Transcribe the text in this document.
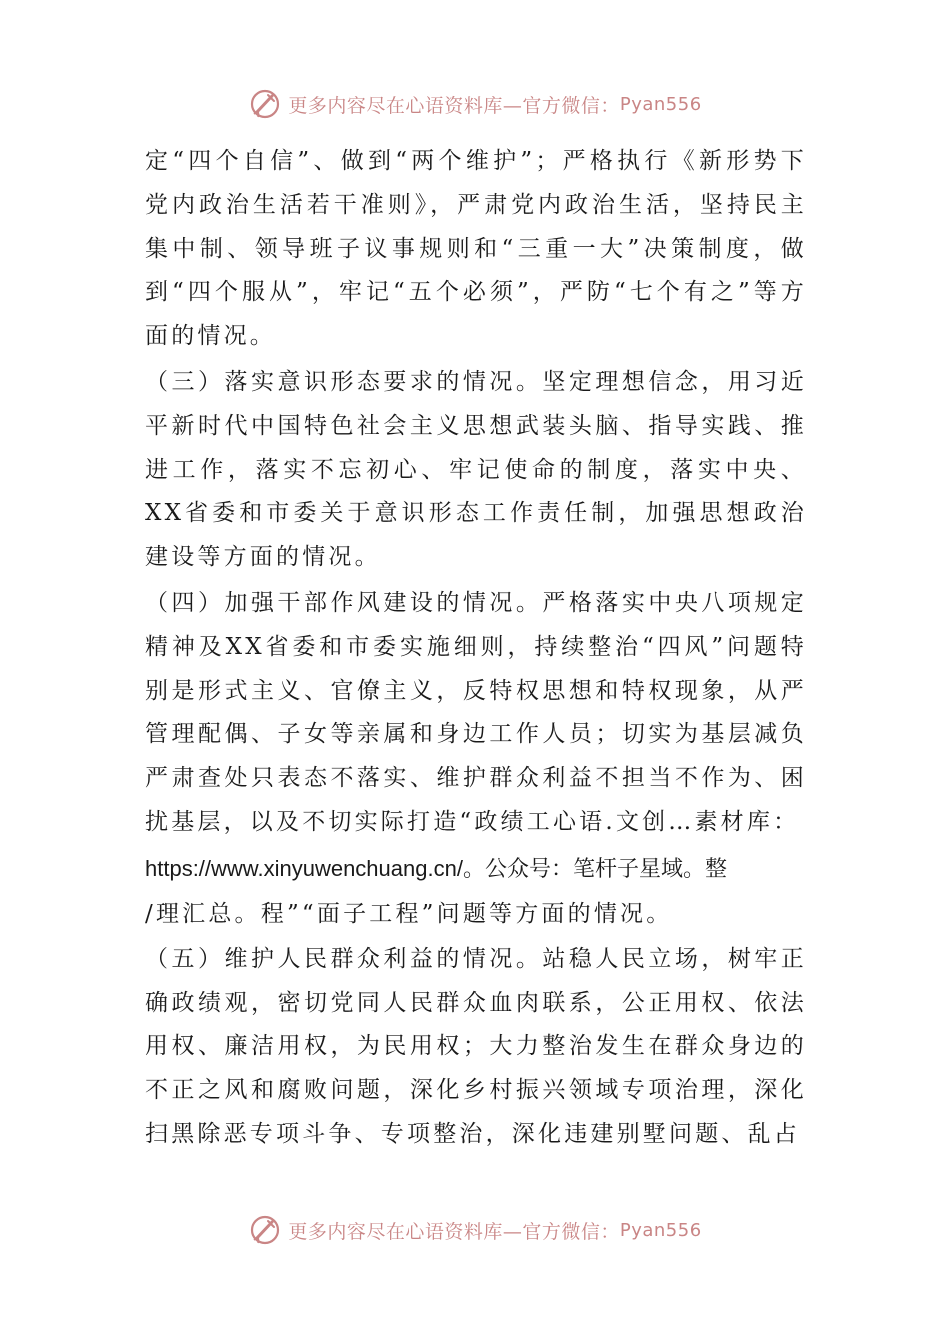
更多内容尽在心语资料库—官方微信： Pyan556

定“四个自信”、做到“两个维护”；严格执行《新形势下党内政治生活若干准则》，严肃党内政治生活，坚持民主集中制、领导班子议事规则和“三重一大”决策制度，做到“四个服从”，牢记“五个必须”，严防“七个有之”等方面的情况。

（三）落实意识形态要求的情况。坚定理想信念，用习近平新时代中国特色社会主义思想武装头脑、指导实践、推进工作，落实不忘初心、牢记使命的制度，落实中央、XX省委和市委关于意识形态工作责任制，加强思想政治建设等方面的情况。

（四）加强干部作风建设的情况。严格落实中央八项规定精神及XX省委和市委实施细则，持续整治“四风”问题特别是形式主义、官僚主义，反特权思想和特权现象，从严管理配偶、子女等亲属和身边工作人员；切实为基层减负严肃查处只表态不落实、维护群众利益不担当不作为、困扰基层，以及不切实际打造“政绩工心语.文创…素材库：

https://www.xinyuwenchuang.cn/。公众号：笔杆子星域。整

/理汇总。程”“面子工程”问题等方面的情况。

（五）维护人民群众利益的情况。站稳人民立场，树牢正确政绩观，密切党同人民群众血肉联系，公正用权、依法用权、廉洁用权，为民用权；大力整治发生在群众身边的不正之风和腐败问题，深化乡村振兴领域专项治理，深化扫黑除恶专项斗争、专项整治，深化违建别墅问题、乱占

更多内容尽在心语资料库—官方微信： Pyan556
